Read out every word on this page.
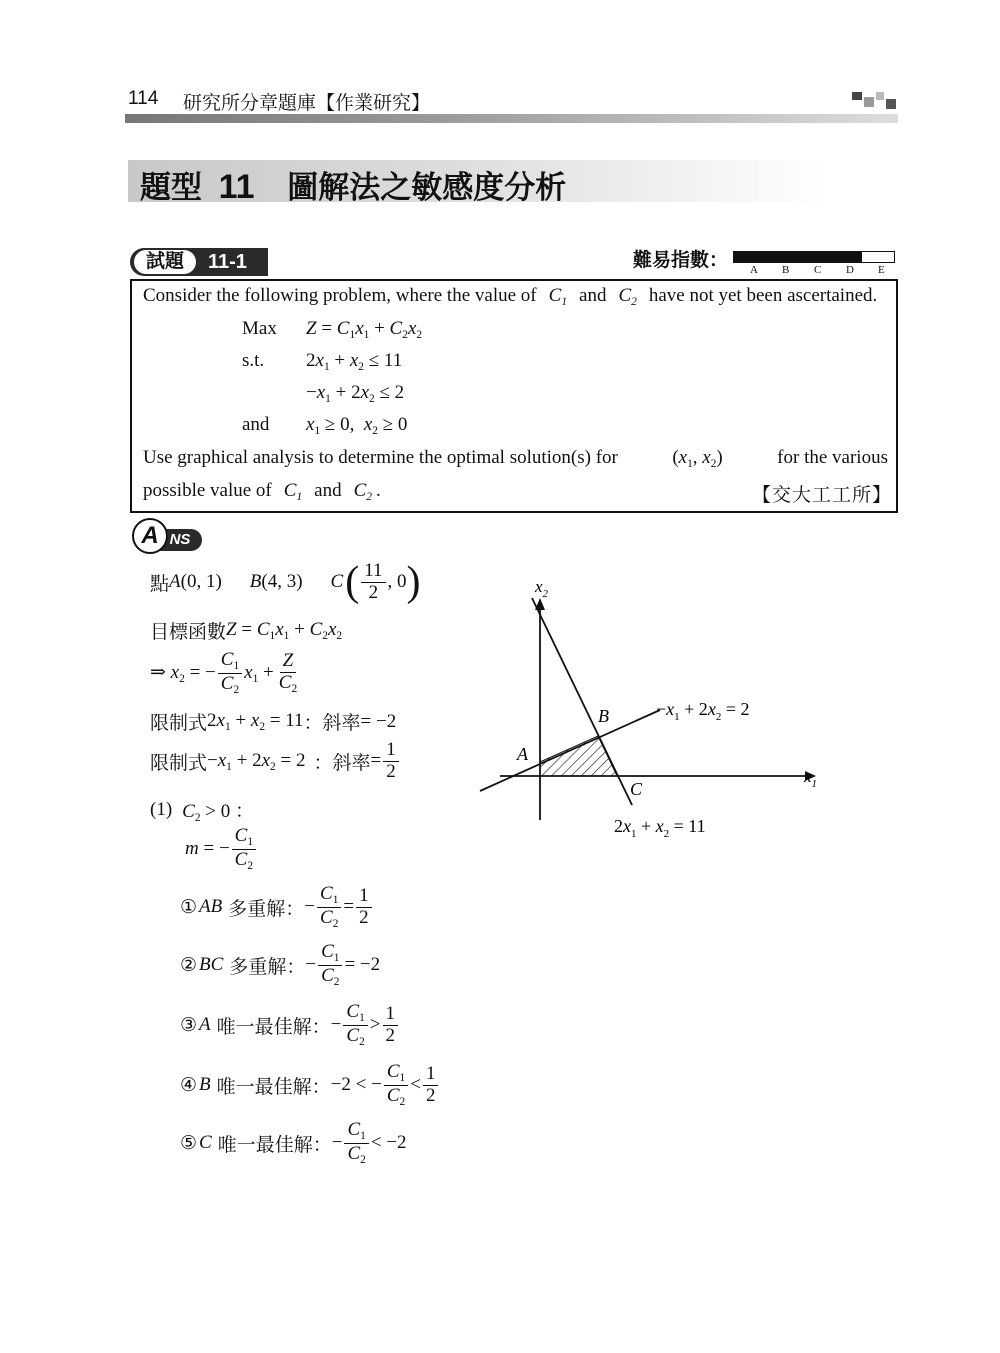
114 研究所分章題庫【作業研究】
題型 11 圖解法之敏感度分析
試題	11-1	難易指數： A B C D E
Consider the following problem, where the value of $C_1$ and $C_2$ have not yet been ascertained.
Max	$Z = C_1x_1 + C_2x_2$
s.t.	$2x_1 + x_2 \le 11$
$-x_1 + 2x_2 \le 2$
and	$x_1 \ge 0$,  $x_2 \ge 0$
Use graphical analysis to determine the optimal solution(s) for	($x_1$, $x_2$)	for the various
possible value of $C_1$ and $C_2$ .	【交大工工所】
A NS
點 A(0, 1) B(4, 3) C ( $\frac{11}{2}$ , 0 )
目標函數 $Z = C_1x_1 + C_2x_2$
⇒ $x_2$ = − $\frac{C_1}{C_2} x_1 + \frac{Z}{C_2}$
限制式 $2x_1 + x_2 = 11$ ：斜率 = −2
限制式 $-x_1 + 2x_2 = 2$ ：斜率 = $\frac{1}{2}$
(1) $C_2 > 0$ ：
m = − $\frac{C_1}{C_2}$
① AB 多重解： − $\frac{C_1}{C_2} = \frac{1}{2}$
② BC 多重解： − $\frac{C_1}{C_2} = -2$
③ A 唯一最佳解： − $\frac{C_1}{C_2} > \frac{1}{2}$
④ B 唯一最佳解： −2 < − $\frac{C_1}{C_2} < \frac{1}{2}$
⑤ C 唯一最佳解： − $\frac{C_1}{C_2} < -2$
$x_2$
$x_1$
A
B
C
$-x_1 + 2x_2 = 2$
$2x_1 + x_2 = 11$
